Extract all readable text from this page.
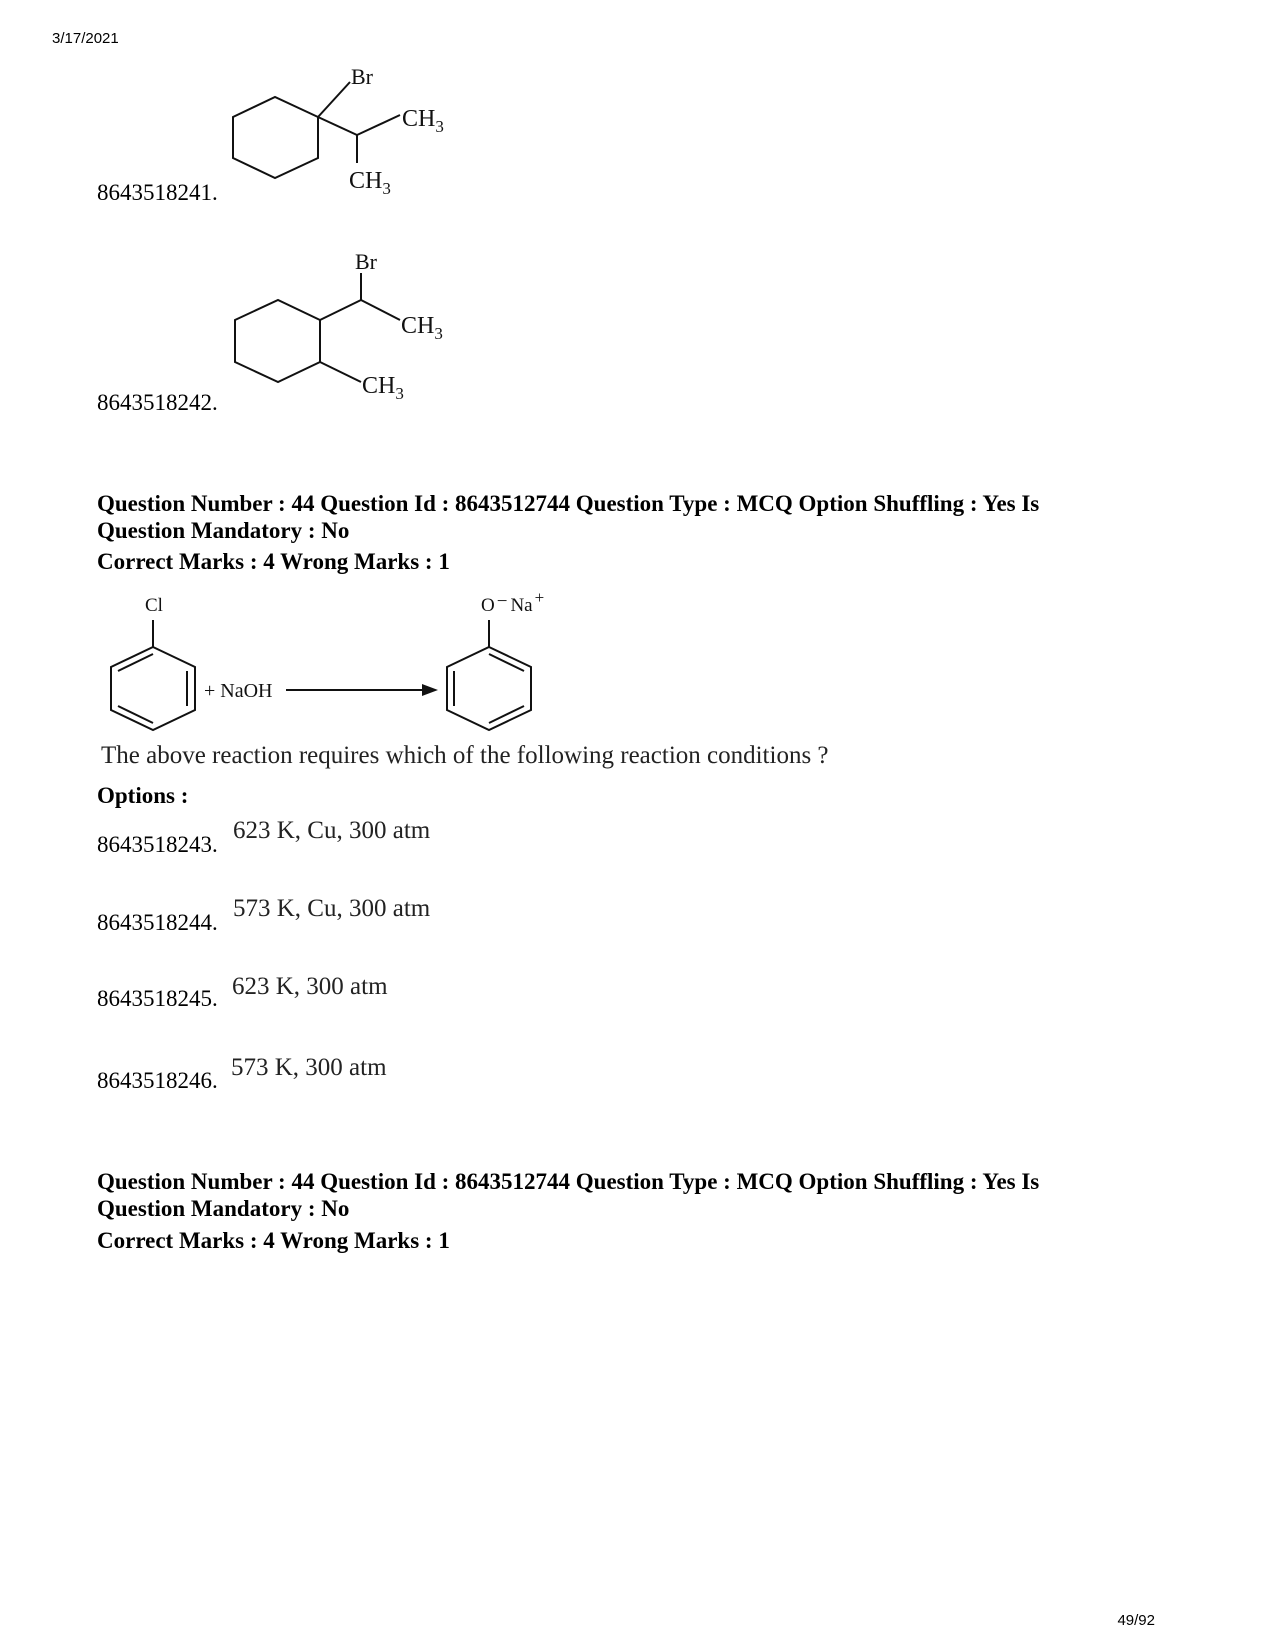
3/17/2021
Br
$CH_3$
$CH_3$
8643518241.
Br
$CH_3$
$CH_3$
8643518242.
Question Number : 44 Question Id : 8643512744 Question Type : MCQ Option Shuffling : Yes Is
Question Mandatory : No
Correct Marks : 4 Wrong Marks : 1
Cl
+ NaOH
O − Na +
The above reaction requires which of the following reaction conditions ?
Options :
8643518243.
623 K, Cu, 300 atm
8643518244.
573 K, Cu, 300 atm
8643518245. 623 K, 300 atm
8643518246. 573 K, 300 atm
Question Number : 44 Question Id : 8643512744 Question Type : MCQ Option Shuffling : Yes Is
Question Mandatory : No
Correct Marks : 4 Wrong Marks : 1
49/92
